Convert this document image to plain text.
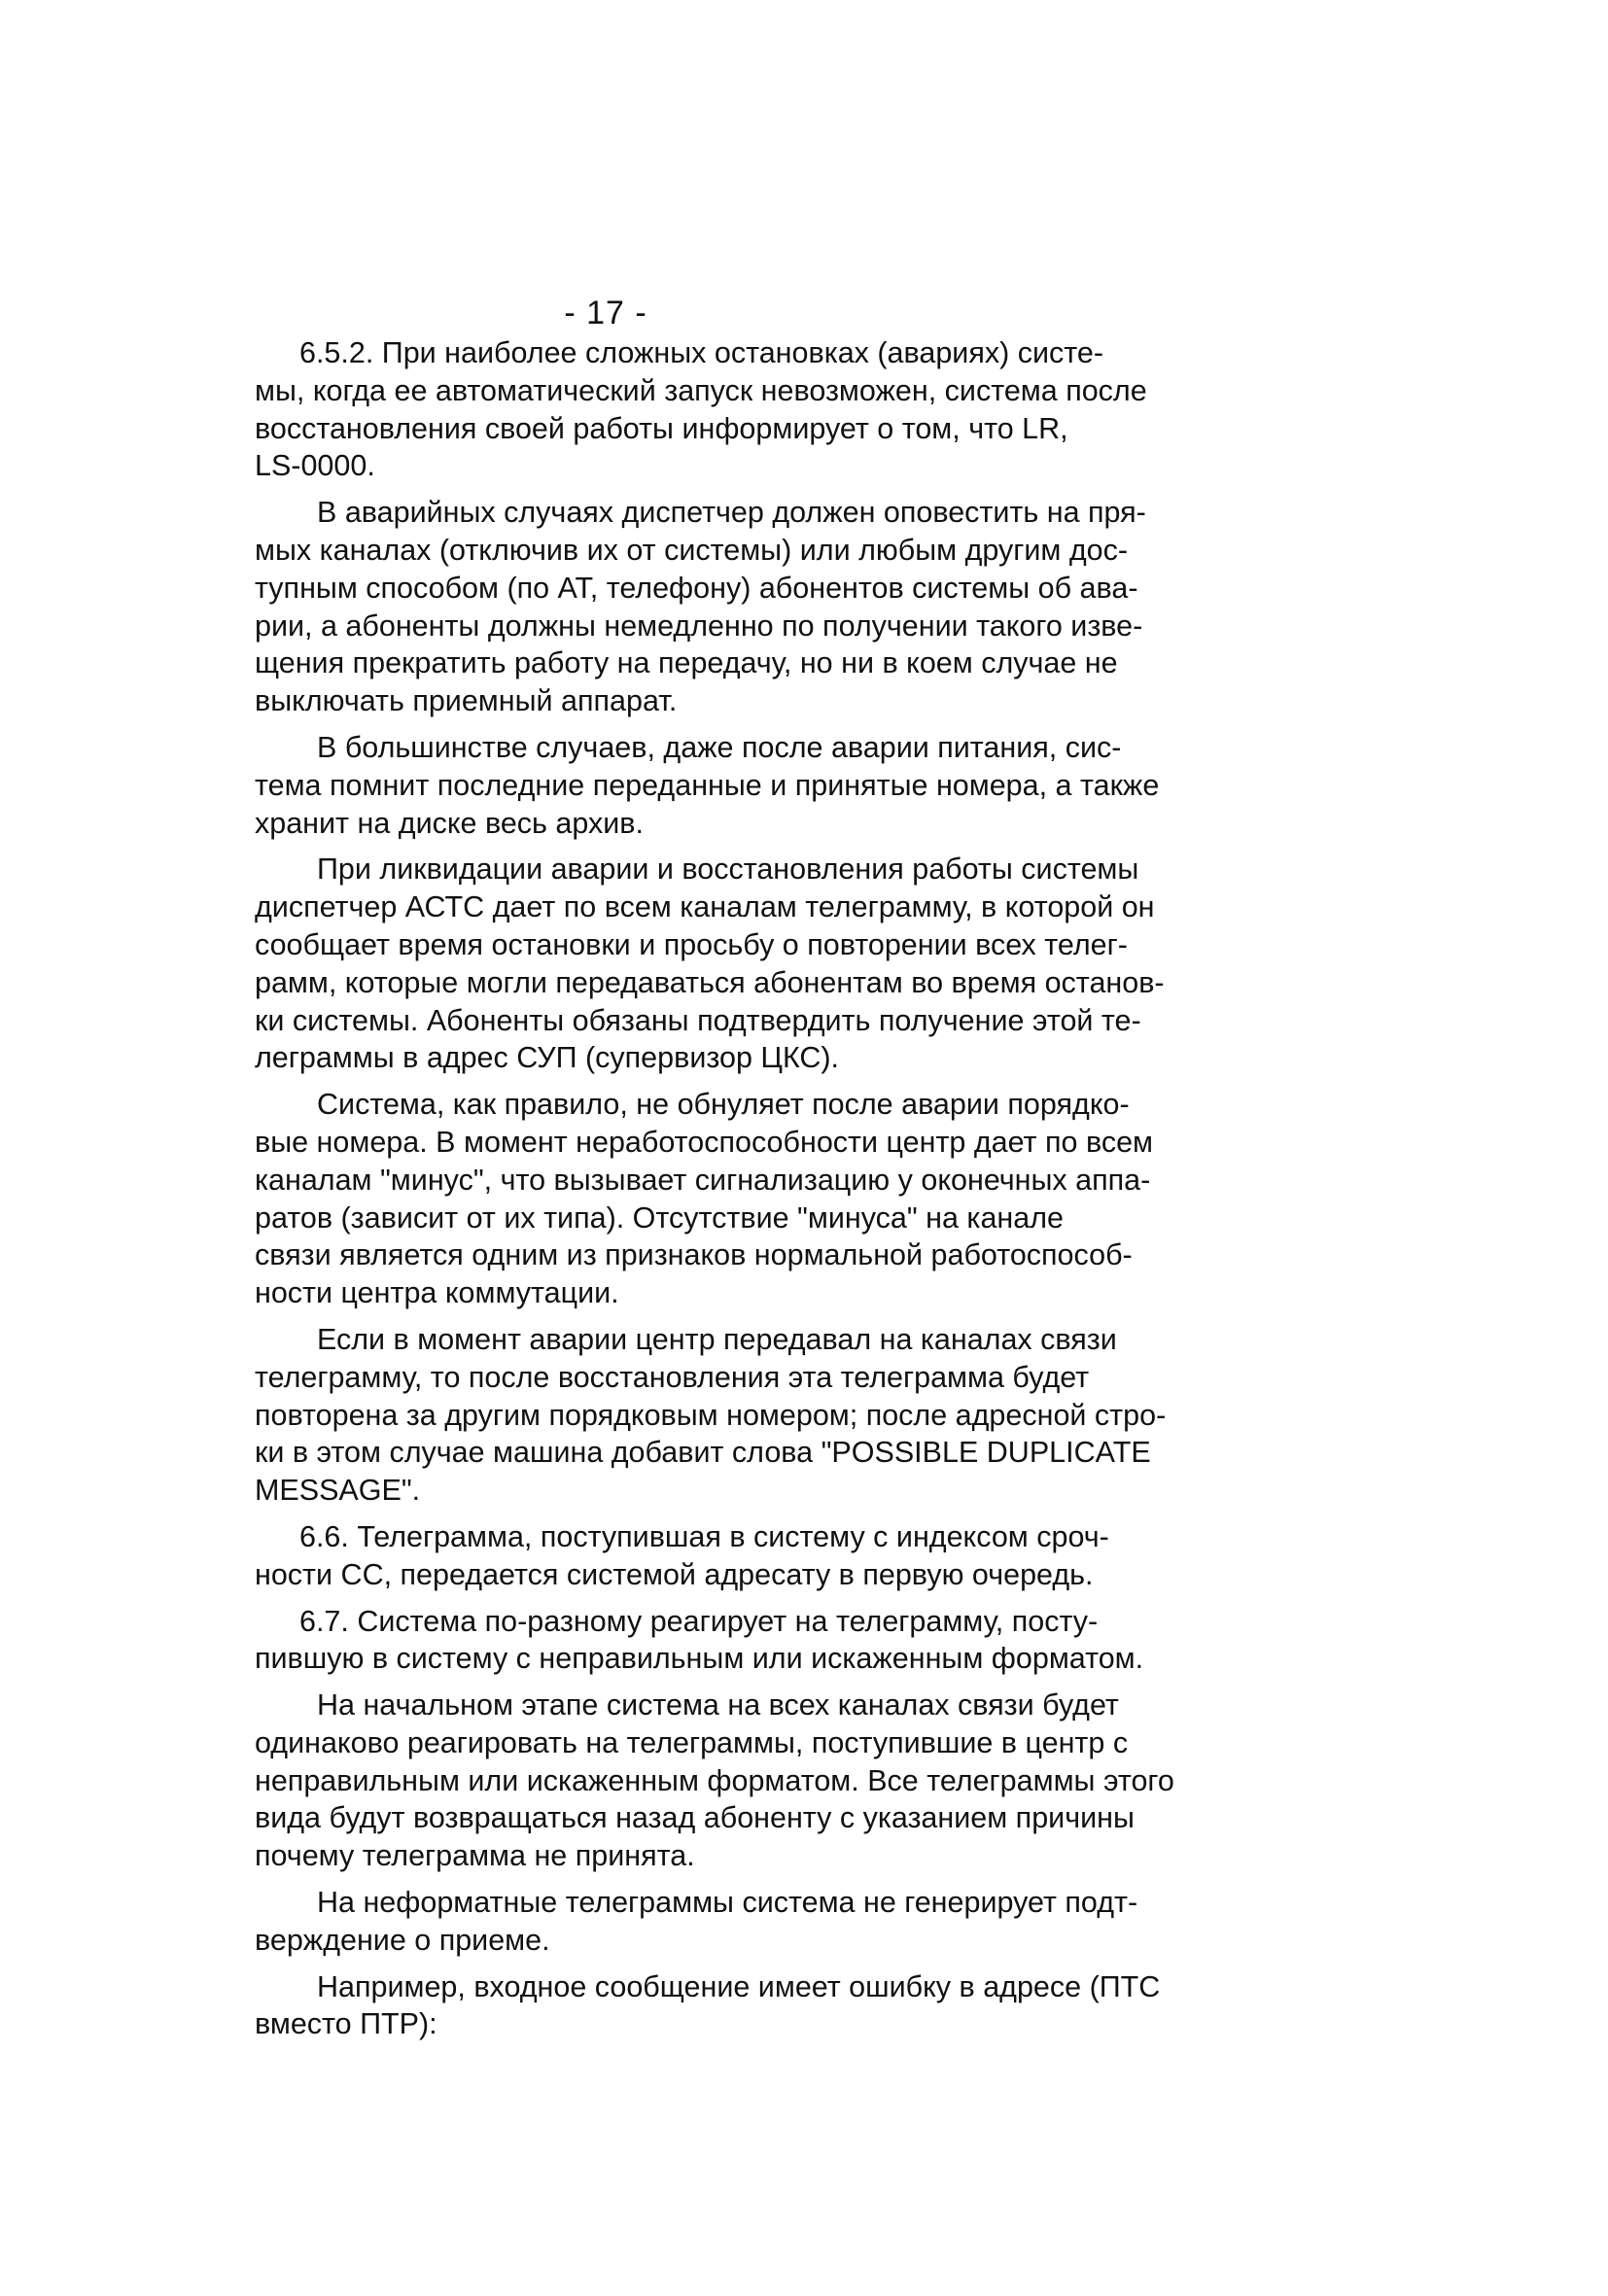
- 17 -

6.5.2. При наиболее сложных остановках (авариях) систе-
мы, когда ее автоматический запуск невозможен, система после
восстановления своей работы информирует о том, что LR,
LS-0000.

В аварийных случаях диспетчер должен оповестить на пря-
мых каналах (отключив их от системы) или любым другим дос-
тупным способом (по АТ, телефону) абонентов системы об ава-
рии, а абоненты должны немедленно по получении такого изве-
щения прекратить работу на передачу, но ни в коем случае не
выключать приемный аппарат.

В большинстве случаев, даже после аварии питания, сис-
тема помнит последние переданные и принятые номера, а также
хранит на диске весь архив.

При ликвидации аварии и восстановления работы системы
диспетчер АСТС дает по всем каналам телеграмму, в которой он
сообщает время остановки и просьбу о повторении всех телег-
рамм, которые могли передаваться абонентам во время останов-
ки системы. Абоненты обязаны подтвердить получение этой те-
леграммы в адрес СУП (супервизор ЦКС).

Система, как правило, не обнуляет после аварии порядко-
вые номера. В момент неработоспособности центр дает по всем
каналам "минус", что вызывает сигнализацию у оконечных аппа-
ратов (зависит от их типа). Отсутствие "минуса" на канале
связи является одним из признаков нормальной работоспособ-
ности центра коммутации.

Если в момент аварии центр передавал на каналах связи
телеграмму, то после восстановления эта телеграмма будет
повторена за другим порядковым номером; после адресной стро-
ки в этом случае машина добавит слова "POSSIBLE DUPLICATE
MESSAGE".

6.6. Телеграмма, поступившая в систему с индексом сроч-
ности СС, передается системой адресату в первую очередь.

6.7. Система по-разному реагирует на телеграмму, посту-
пившую в систему с неправильным или искаженным форматом.

На начальном этапе система на всех каналах связи будет
одинаково реагировать на телеграммы, поступившие в центр с
неправильным или искаженным форматом. Все телеграммы этого
вида будут возвращаться назад абоненту с указанием причины
почему телеграмма не принята.

На неформатные телеграммы система не генерирует подт-
верждение о приеме.

Например, входное сообщение имеет ошибку в адресе (ПТС
вместо ПТР):
